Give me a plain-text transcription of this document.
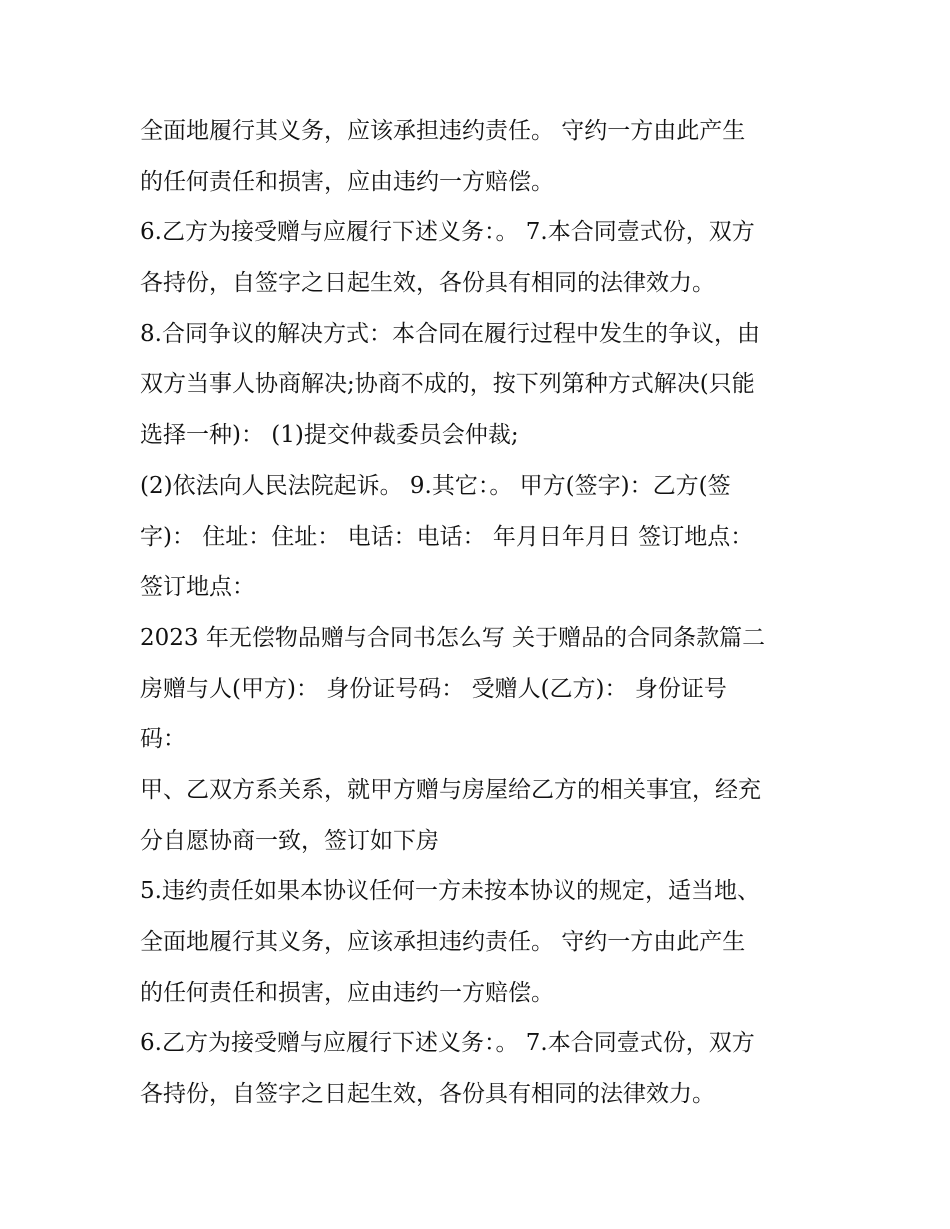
全面地履行其义务，应该承担违约责任。 守约一方由此产生

的任何责任和损害，应由违约一方赔偿。

6.乙方为接受赠与应履行下述义务：。 7.本合同壹式份，双方

各持份，自签字之日起生效，各份具有相同的法律效力。

8.合同争议的解决方式：本合同在履行过程中发生的争议，由

双方当事人协商解决;协商不成的，按下列第种方式解决(只能

选择一种)： (1)提交仲裁委员会仲裁;

(2)依法向人民法院起诉。 9.其它：。 甲方(签字)：乙方(签

字)： 住址：住址： 电话：电话： 年月日年月日 签订地点：

签订地点：

2023 年无偿物品赠与合同书怎么写 关于赠品的合同条款篇二

房赠与人(甲方)： 身份证号码： 受赠人(乙方)： 身份证号

码：

甲、乙双方系关系，就甲方赠与房屋给乙方的相关事宜，经充

分自愿协商一致，签订如下房

5.违约责任如果本协议任何一方未按本协议的规定，适当地、

全面地履行其义务，应该承担违约责任。 守约一方由此产生

的任何责任和损害，应由违约一方赔偿。

6.乙方为接受赠与应履行下述义务：。 7.本合同壹式份，双方

各持份，自签字之日起生效，各份具有相同的法律效力。
